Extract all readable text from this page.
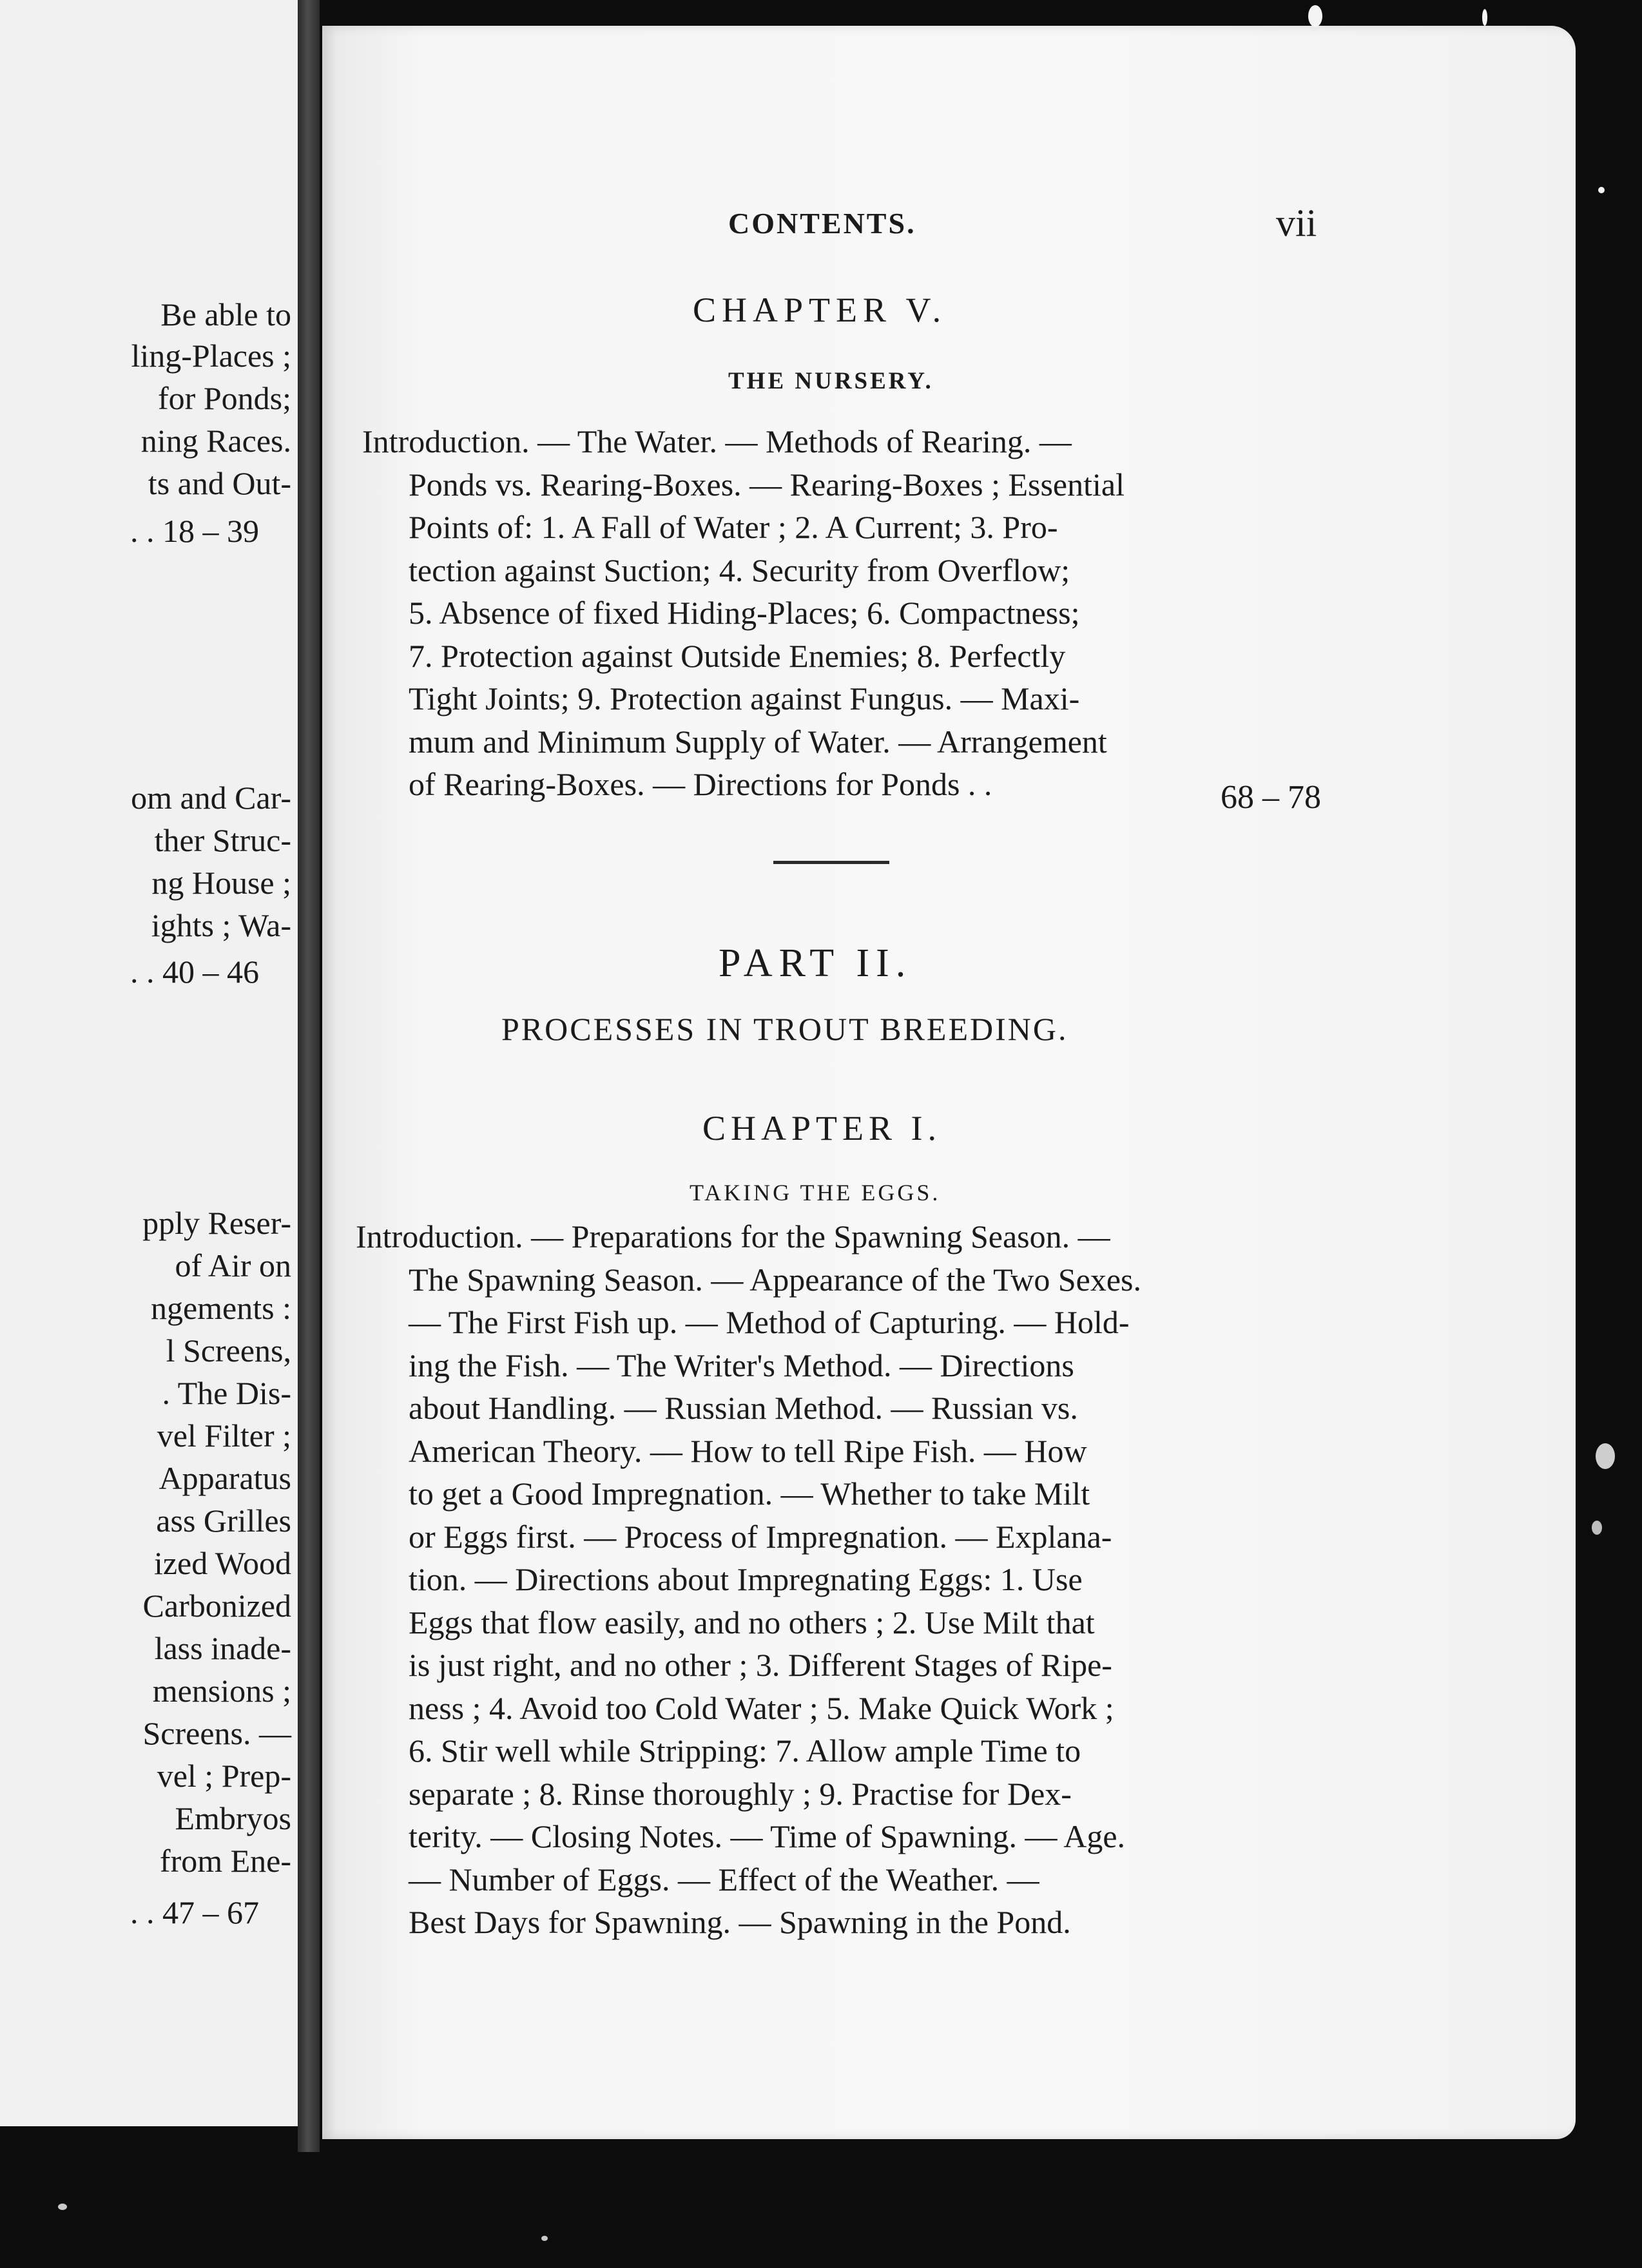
Be able to
ling-Places ;
for Ponds;
ning Races.
ts and Out-
. . 18 – 39
om and Car-
ther Struc-
ng House ;
ights ; Wa-
. . 40 – 46
pply Reser-
of Air on
ngements :
l Screens,
. The Dis-
vel Filter ;
Apparatus
ass Grilles
ized Wood
Carbonized
lass inade-
mensions ;
Screens. —
vel ; Prep-
Embryos
from Ene-
. . 47 – 67
CONTENTS.	vii
CHAPTER V.
THE NURSERY.
Introduction. — The Water. — Methods of Rearing. —
Ponds vs. Rearing-Boxes. — Rearing-Boxes ; Essential
Points of: 1. A Fall of Water ; 2. A Current; 3. Pro-
tection against Suction; 4. Security from Overflow;
5. Absence of fixed Hiding-Places; 6. Compactness;
7. Protection against Outside Enemies; 8. Perfectly
Tight Joints; 9. Protection against Fungus. — Maxi-
mum and Minimum Supply of Water. — Arrangement
of Rearing-Boxes. — Directions for Ponds . .	68 – 78
PART II.
PROCESSES IN TROUT BREEDING.
CHAPTER I.
TAKING THE EGGS.
Introduction. — Preparations for the Spawning Season. —
The Spawning Season. — Appearance of the Two Sexes.
— The First Fish up. — Method of Capturing. — Hold-
ing the Fish. — The Writer's Method. — Directions
about Handling. — Russian Method. — Russian vs.
American Theory. — How to tell Ripe Fish. — How
to get a Good Impregnation. — Whether to take Milt
or Eggs first. — Process of Impregnation. — Explana-
tion. — Directions about Impregnating Eggs: 1. Use
Eggs that flow easily, and no others ; 2. Use Milt that
is just right, and no other ; 3. Different Stages of Ripe-
ness ; 4. Avoid too Cold Water ; 5. Make Quick Work ;
6. Stir well while Stripping: 7. Allow ample Time to
separate ; 8. Rinse thoroughly ; 9. Practise for Dex-
terity. — Closing Notes. — Time of Spawning. — Age.
— Number of Eggs. — Effect of the Weather. —
Best Days for Spawning. — Spawning in the Pond.
